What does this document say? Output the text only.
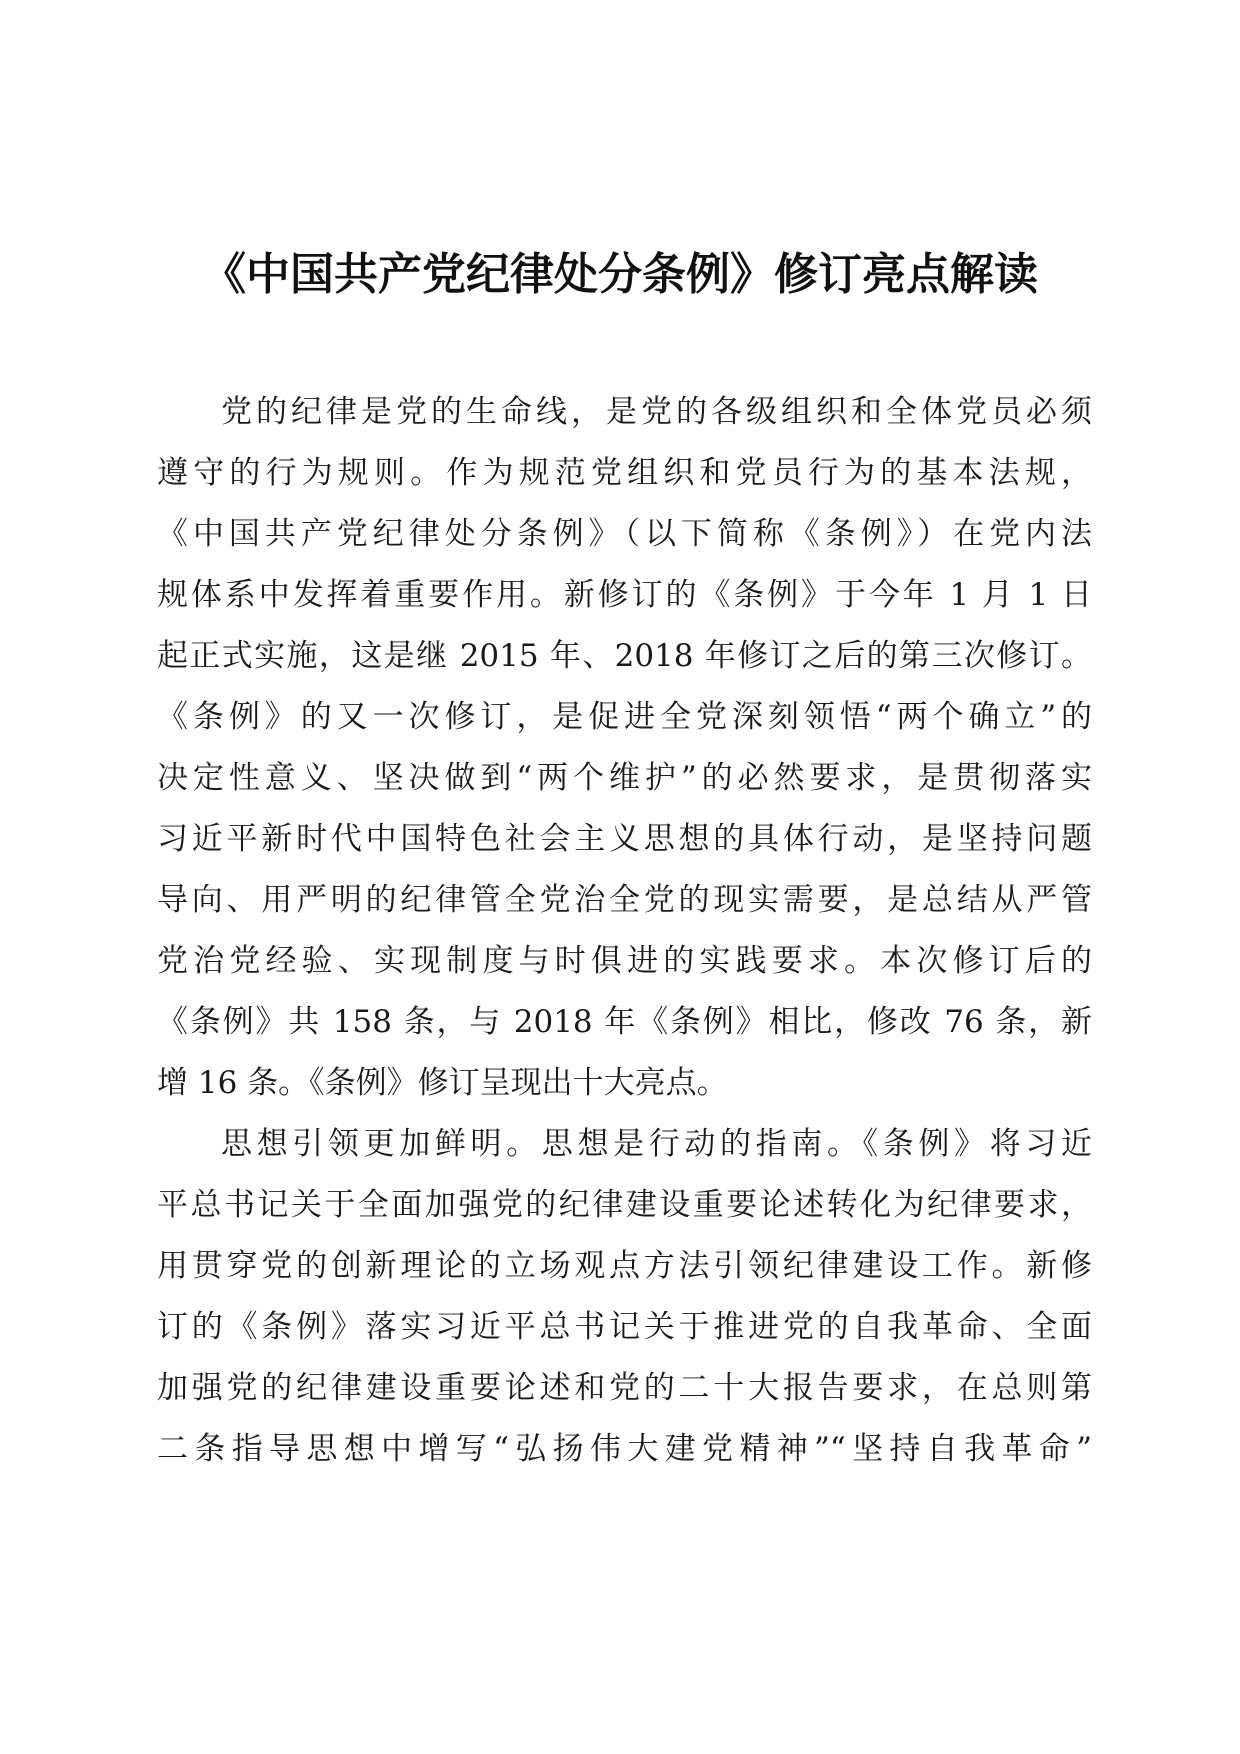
《中国共产党纪律处分条例》修订亮点解读
党的纪律是党的生命线，是党的各级组织和全体党员必须
遵守的行为规则。作为规范党组织和党员行为的基本法规，
《中国共产党纪律处分条例》（以下简称《条例》）在党内法
规体系中发挥着重要作用。新修订的《条例》于今年 1 月 1 日
起正式实施，这是继 2015 年、2018 年修订之后的第三次修订。
《条例》的又一次修订，是促进全党深刻领悟“两个确立”的
决定性意义、坚决做到“两个维护”的必然要求，是贯彻落实
习近平新时代中国特色社会主义思想的具体行动，是坚持问题
导向、用严明的纪律管全党治全党的现实需要，是总结从严管
党治党经验、实现制度与时俱进的实践要求。本次修订后的
《条例》共 158 条，与 2018 年《条例》相比，修改 76 条，新
增 16 条。《条例》修订呈现出十大亮点。
思想引领更加鲜明。思想是行动的指南。《条例》将习近
平总书记关于全面加强党的纪律建设重要论述转化为纪律要求，
用贯穿党的创新理论的立场观点方法引领纪律建设工作。新修
订的《条例》落实习近平总书记关于推进党的自我革命、全面
加强党的纪律建设重要论述和党的二十大报告要求，在总则第
二条指导思想中增写“弘扬伟大建党精神”“坚持自我革命”
